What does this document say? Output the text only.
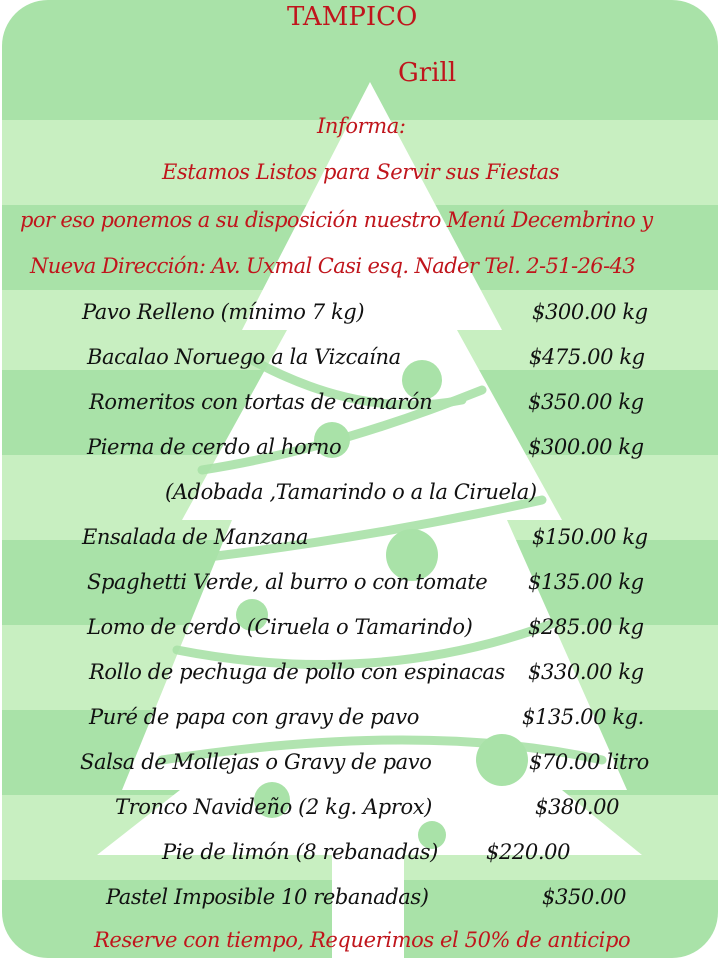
TAMPICO
Grill
Informa:
Estamos Listos para Servir sus Fiestas
por eso ponemos a su disposición nuestro Menú Decembrino y
Nueva Dirección: Av. Uxmal Casi esq. Nader Tel. 2-51-26-43
Pavo Relleno (mínimo 7 kg)	$300.00 kg
Bacalao Noruego a la Vizcaína	$475.00 kg
Romeritos con tortas de camarón	$350.00 kg
Pierna de cerdo al horno	$300.00 kg
(Adobada ,Tamarindo o a la Ciruela)
Ensalada de Manzana	$150.00 kg
Spaghetti Verde, al burro o con tomate $135.00 kg
Lomo de cerdo (Ciruela o Tamarindo)	$285.00 kg
Rollo de pechuga de pollo con espinacas $330.00 kg
Puré de papa con gravy de pavo	$135.00 kg.
Salsa de Mollejas o Gravy de pavo	$70.00 litro
Tronco Navideño (2 kg. Aprox)	$380.00
Pie de limón (8 rebanadas) $220.00
Pastel Imposible 10 rebanadas)	$350.00
Reserve con tiempo, Requerimos el 50% de anticipo
